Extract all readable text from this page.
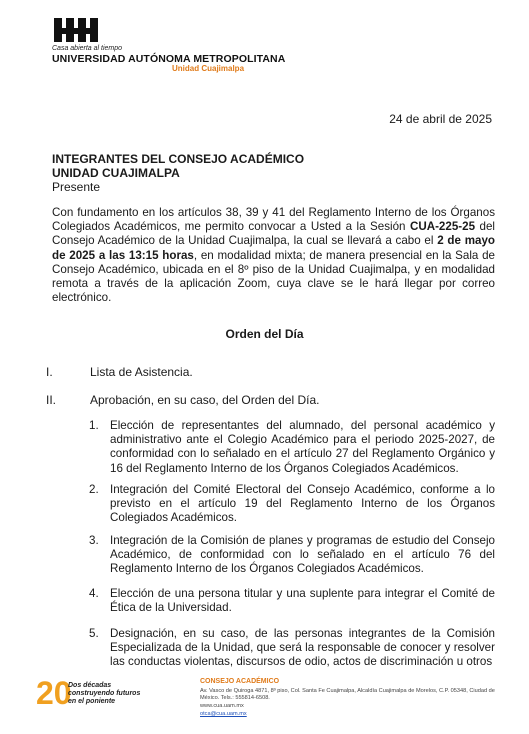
Casa abierta al tiempo
UNIVERSIDAD AUTÓNOMA METROPOLITANA
Unidad Cuajimalpa
24 de abril de 2025
INTEGRANTES DEL CONSEJO ACADÉMICO
UNIDAD CUAJIMALPA
Presente
Con fundamento en los artículos 38, 39 y 41 del Reglamento Interno de los Órganos Colegiados Académicos, me permito convocar a Usted a la Sesión CUA-225-25 del Consejo Académico de la Unidad Cuajimalpa, la cual se llevará a cabo el 2 de mayo de 2025 a las 13:15 horas, en modalidad mixta; de manera presencial en la Sala de Consejo Académico, ubicada en el 8º piso de la Unidad Cuajimalpa, y en modalidad remota a través de la aplicación Zoom, cuya clave se le hará llegar por correo electrónico.
Orden del Día
I.	Lista de Asistencia.
II.	Aprobación, en su caso, del Orden del Día.
1. Elección de representantes del alumnado, del personal académico y administrativo ante el Colegio Académico para el periodo 2025-2027, de conformidad con lo señalado en el artículo 27 del Reglamento Orgánico y 16 del Reglamento Interno de los Órganos Colegiados Académicos.
2. Integración del Comité Electoral del Consejo Académico, conforme a lo previsto en el artículo 19 del Reglamento Interno de los Órganos Colegiados Académicos.
3. Integración de la Comisión de planes y programas de estudio del Consejo Académico, de conformidad con lo señalado en el artículo 76 del Reglamento Interno de los Órganos Colegiados Académicos.
4. Elección de una persona titular y una suplente para integrar el Comité de Ética de la Universidad.
5. Designación, en su caso, de las personas integrantes de la Comisión Especializada de la Unidad, que será la responsable de conocer y resolver las conductas violentas, discursos de odio, actos de discriminación u otros
20
Dos décadas
construyendo futuros
en el poniente
CONSEJO ACADÉMICO
Av. Vasco de Quiroga 4871, 8º piso, Col. Santa Fe Cuajimalpa, Alcaldía Cuajimalpa de Morelos, C.P. 05348, Ciudad de México. Tels.: 555814-6508.
www.cua.uam.mx
otca@cua.uam.mx
